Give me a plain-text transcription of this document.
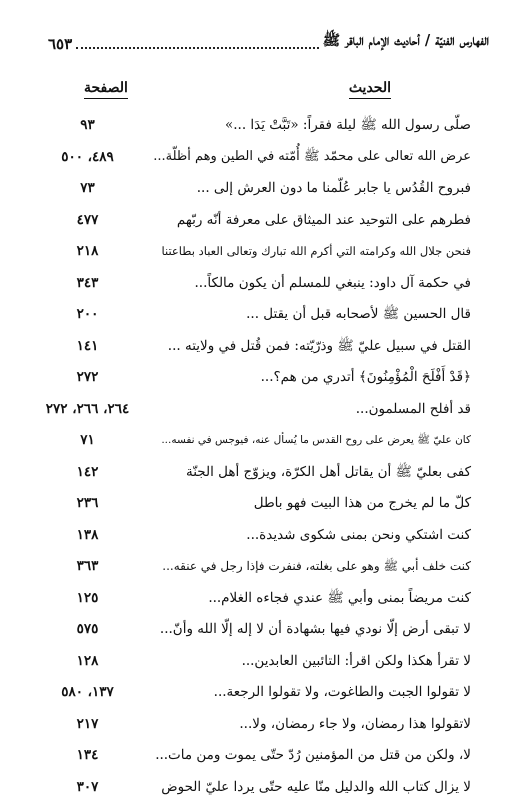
الفهارس الفنيّة / أحاديث الإمام الباقر ﷺ
٦٥٣
الحديث
الصفحة
صلّى رسول الله ﷺ ليلة فقراً: «تَبَّتْ يَدَا ...»
٩٣
عرض الله تعالى على محمّد ﷺ أُمّته في الطين وهم أظلّة...
٤٨٩، ٥٠٠
فبروح القُدُس يا جابر عُلّمنا ما دون العرش إلى ...
٧٣
فطرهم على التوحيد عند الميثاق على معرفة أنّه ربّهم
٤٧٧
فنحن جلال الله وكرامته التي أكرم الله تبارك وتعالى العباد بطاعتنا
٢١٨
في حكمة آل داود: ينبغي للمسلم أن يكون مالكاً...
٣٤٣
قال الحسين ﷺ لأصحابه قبل أن يقتل ...
٢٠٠
القتل في سبيل عليّ ﷺ وذرّيّته: فمن قُتل في ولايته ...
١٤١
﴿قَدْ أَفْلَحَ الْمُؤْمِنُونَ﴾ أتدري من هم؟...
٢٧٢
قد أفلح المسلمون...
٢٦٤، ٢٦٦، ٢٧٢
كان عليّ ﷺ يعرض على روح القدس ما يُسأل عنه، فيوجس في نفسه...
٧١
كفى بعليّ ﷺ أن يقاتل أهل الكرّة، ويزوّج أهل الجنّة
١٤٢
كلّ ما لم يخرج من هذا البيت فهو باطل
٢٣٦
كنت اشتكي ونحن بمنى شكوى شديدة...
١٣٨
كنت خلف أبي ﷺ وهو على بغلته، فنفرت فإذا رجل في عنقه...
٣٦٣
كنت مريضاً بمنى وأبي ﷺ عندي فجاءه الغلام...
١٢٥
لا تبقى أرض إلّا نودي فيها بشهادة أن لا إله إلّا الله وأنّ...
٥٧٥
لا تقرأ هكذا ولكن اقرأ: التائبين العابدين...
١٢٨
لا تقولوا الجبت والطاغوت، ولا تقولوا الرجعة...
١٣٧، ٥٨٠
لاتقولوا هذا رمضان، ولا جاء رمضان، ولا...
٢١٧
لا، ولكن من قتل من المؤمنين رُدّ حتّى يموت ومن مات...
١٣٤
لا يزال كتاب الله والدليل منّا عليه حتّى يردا عليّ الحوض
٣٠٧
